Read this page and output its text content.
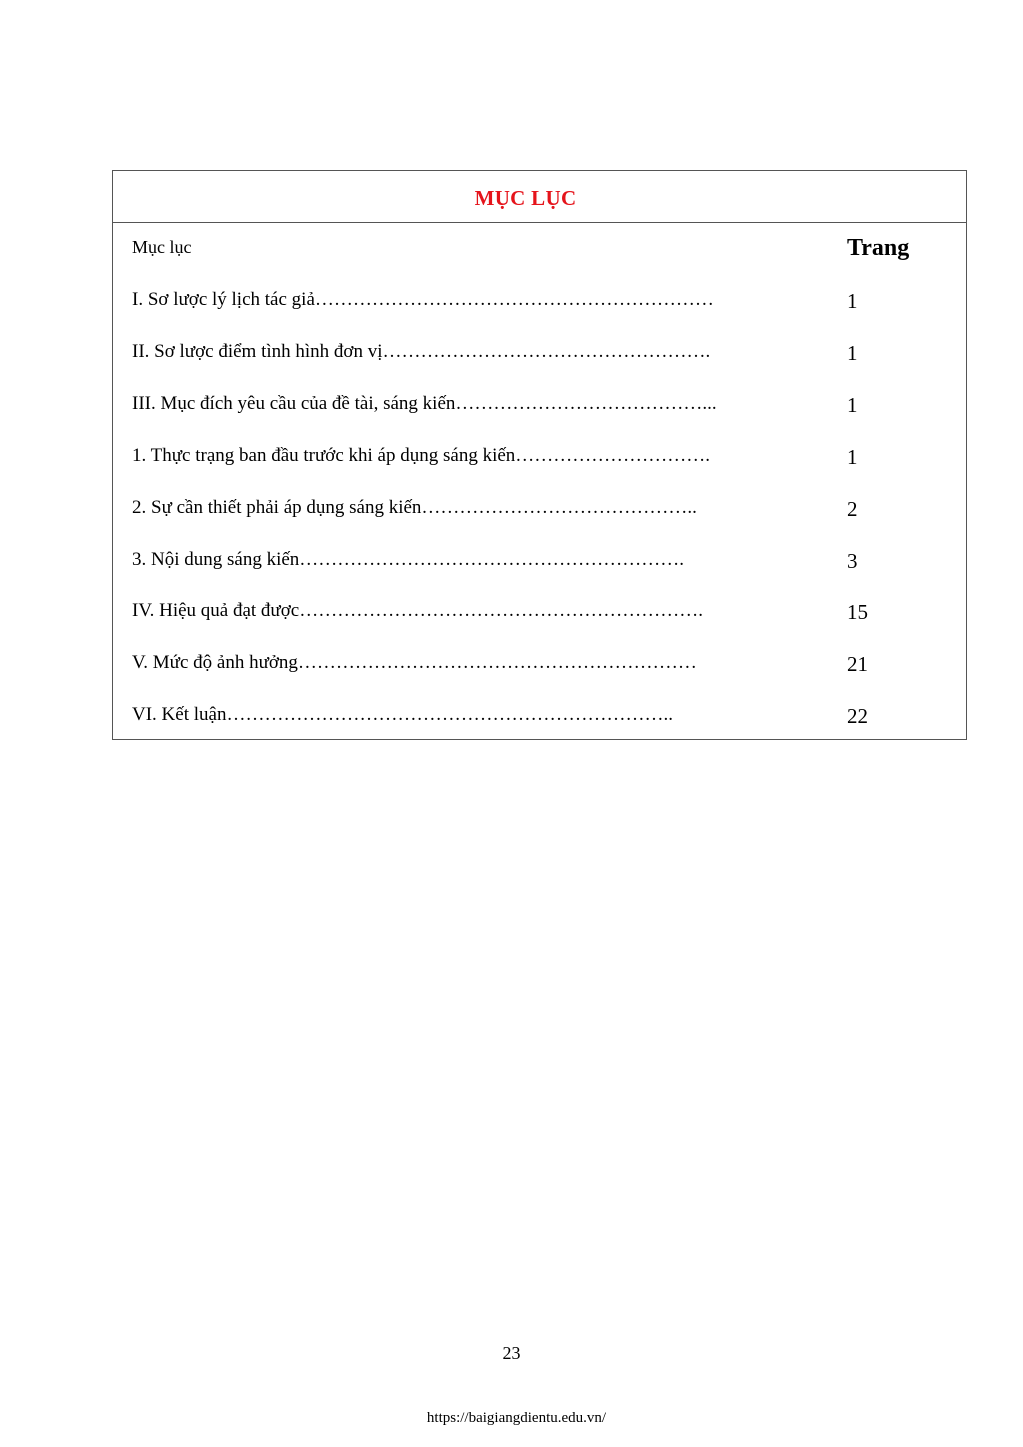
MỤC LỤC
Mục lục	Trang
I. Sơ lược lý lịch tác giả………………………………………………………	1
II. Sơ lược điểm tình hình đơn vị…………………………………………….	1
III. Mục đích yêu cầu của đề tài, sáng kiến…………………………………...	1
1. Thực trạng ban đầu trước khi áp dụng sáng kiến………………………….	1
2. Sự cần thiết phải áp dụng sáng kiến……………………………………..	2
3. Nội dung sáng kiến…………………………………………………….	3
IV. Hiệu quả đạt được……………………………………………………….	15
V. Mức độ ảnh hưởng………………………………………………………	21
VI. Kết luận……………………………………………………………..	22
23
https://baigiangdientu.edu.vn/
